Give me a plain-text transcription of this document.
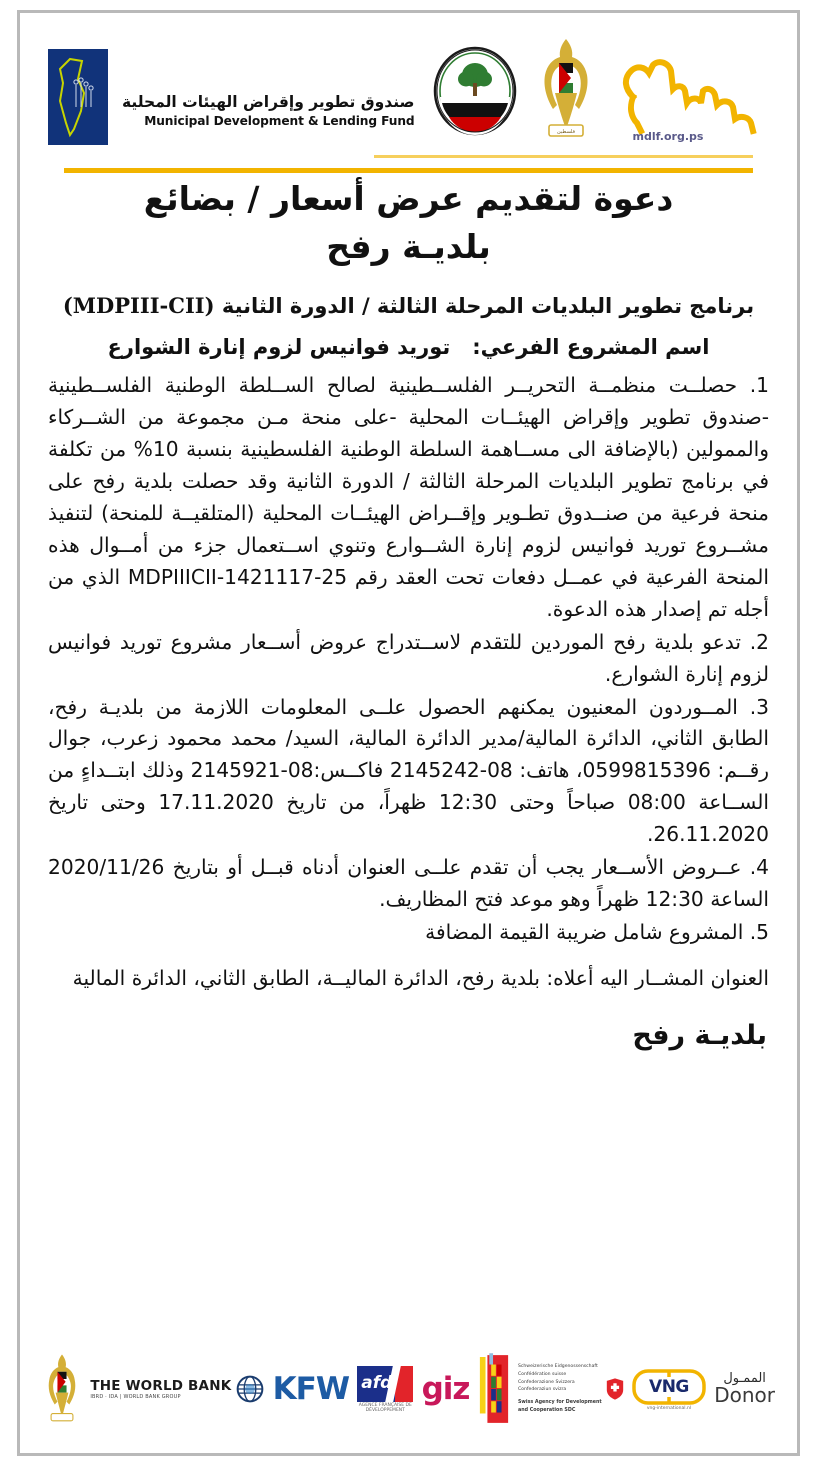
صندوق تطوير وإقراض الهيئات المحلية
Municipal Development & Lending Fund
فلسطين	mdlf.org.ps
دعوة لتقديم عرض أسعار / بضائع
بلديـة رفح
برنامج تطوير البلديات المرحلة الثالثة / الدورة الثانية (MDPIII-CII)
اسم المشروع الفرعي:   توريد فوانيس لزوم إنارة الشوارع

1. حصلــت منظمــة التحريــر الفلســطينية لصالح الســلطة الوطنية الفلســطينية -صندوق تطوير وإقراض الهيئــات المحلية -على منحة مـن مجموعة من الشــركاء والممولين (بالإضافة الى مســاهمة السلطة الوطنية الفلسطينية بنسبة 10% من تكلفة في برنامج تطوير البلديات المرحلة الثالثة / الدورة الثانية وقد حصلت بلدية رفح على منحة فرعية من صنــدوق تطـوير وإقــراض الهيئــات المحلية (المتلقيــة للمنحة) لتنفيذ مشــروع توريد فوانيس لزوم إنارة الشــوارع وتنوي اســتعمال جزء من أمــوال هذه المنحة الفرعية في عمــل دفعات تحت العقد رقم 25-MDPIIICII-1421117 الذي من أجله تم إصدار هذه الدعوة.

2. تدعو بلدية رفح الموردين للتقدم لاســتدراج عروض أســعار مشروع توريد فوانيس لزوم إنارة الشوارع.

3. المــوردون المعنيون يمكنهم الحصول علــى المعلومات اللازمة من بلديـة رفح، الطابق الثاني، الدائرة المالية/مدير الدائرة المالية، السيد/ محمد محمود زعرب، جوال رقــم: 0599815396، هاتف: 08-2145242 فاكــس:08-2145921 وذلك ابتــداءٍ من الســاعة 08:00 صباحاً وحتى 12:30 ظهراً، من تاريخ 17.11.2020 وحتى تاريخ 26.11.2020.

4. عــروض الأســعار يجب أن تقدم علــى العنوان أدناه قبــل أو بتاريخ 2020/11/26 الساعة 12:30 ظهراً وهو موعد فتح المظاريف.

5. المشروع شامل ضريبة القيمة المضافة

العنوان المشــار اليه أعلاه: بلدية رفح، الدائرة الماليــة، الطابق الثاني، الدائرة المالية
بلديـة رفح
THE WORLD BANK
IBRD · IDA | WORLD BANK GROUP	KFW afd
AGENCE FRANÇAISE DE DÉVELOPPEMENT
giz
Schweizerische Eidgenossenschaft
Confédération suisse
Confederazione Svizzera
Confederaziun svizra
Swiss Agency for Development
and Cooperation SDC
VNG
vng-international.nl
الممـول
Donor
